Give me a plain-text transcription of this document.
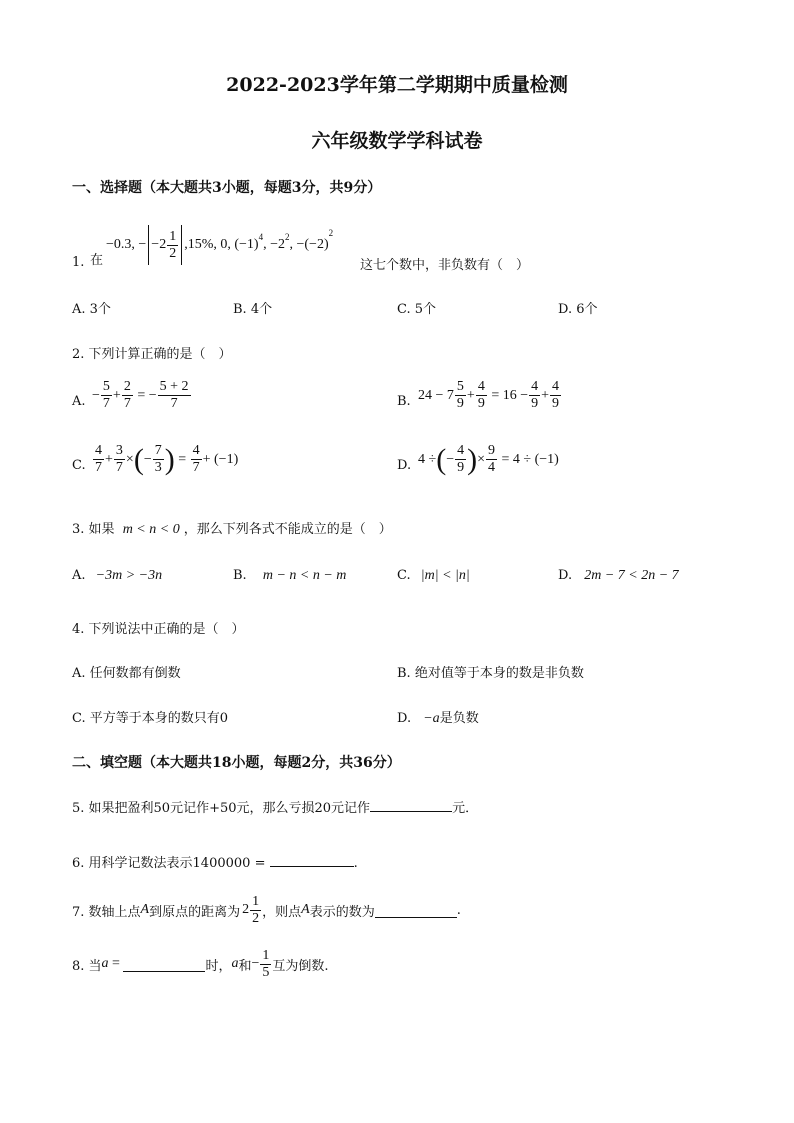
2022-2023学年第二学期期中质量检测
六年级数学学科试卷
一、选择题（本大题共3小题，每题3分，共9分）
1. 在
−0.3, − $-2 \frac{1}{2} ,15\%$, 0, $(-1)^4$ , $-2^2$ , −(−2)
$^2$
这七个数中，非负数有（　）
A. 3个	B. 4个	C. 5个	D. 6个
2. 下列计算正确的是（　）
A. − $\frac{5}{7} + \frac{2}{7}$ = − $\frac{5 + 2}{7}$	B. $24 - 7 \frac{5}{9} + \frac{4}{9} = 16 - \frac{4}{9} + \frac{4}{9}$
C. $\frac{4}{7} + \frac{3}{7}$ × ( − $\frac{7}{3}$ ) = $\frac{4}{7} + (-1)$	D. 4 ÷ ( − $\frac{4}{9}$ ) × $\frac{9}{4} = 4 \div (-1)$
3. 如果 m < n < 0 ，那么下列各式不能成立的是（　）
A. −3m > −3n	B. m − n < n − m	C. |m| < |n|	D. 2m − 7 < 2n − 7
4. 下列说法中正确的是（　）
A. 任何数都有倒数	B. 绝对值等于本身的数是非负数
C. 平方等于本身的数只有0	D. −a是负数
二、填空题（本大题共18小题，每题2分，共36分）
5. 如果把盈利50元记作+50元，那么亏损20元记作	元．
6. 用科学记数法表示1400000 =	.
7. 数轴上点 A 到原点的距离为 $2 \frac{1}{2}$ ，则点 A 表示的数为	.
8. 当 a =	时， a 和 − $\frac{1}{5}$ 互为倒数.
